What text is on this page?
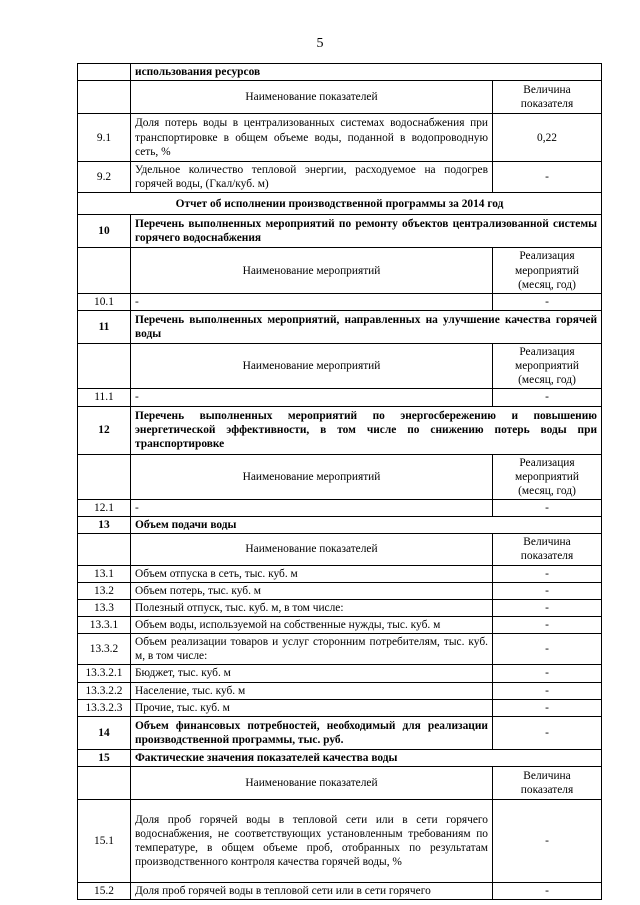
5
	использования ресурсов	
	Наименование показателей	Величина показателя
9.1	Доля потерь воды в централизованных системах водоснабжения при транспортировке в общем объеме воды, поданной в водопроводную сеть, %	0,22
9.2	Удельное количество тепловой энергии, расходуемое на подогрев горячей воды, (Гкал/куб. м)	-
Отчет об исполнении производственной программы за 2014 год		
10	Перечень выполненных мероприятий по ремонту объектов централизованной системы горячего водоснабжения	
	Наименование мероприятий	Реализация мероприятий (месяц, год)
10.1	-	-
11	Перечень выполненных мероприятий, направленных на улучшение качества горячей воды	
	Наименование мероприятий	Реализация мероприятий (месяц, год)
11.1	-	-
12	Перечень выполненных мероприятий по энергосбережению и повышению энергетической эффективности, в том числе по снижению потерь воды при транспортировке	
	Наименование мероприятий	Реализация мероприятий (месяц, год)
12.1	-	-
13	Объем подачи воды	
	Наименование показателей	Величина показателя
13.1	Объем отпуска в сеть, тыс. куб. м	-
13.2	Объем потерь, тыс. куб. м	-
13.3	Полезный отпуск, тыс. куб. м, в том числе:	-
13.3.1	Объем воды, используемой на собственные нужды, тыс. куб. м	-
13.3.2	Объем реализации товаров и услуг сторонним потребителям, тыс. куб. м, в том числе:	-
13.3.2.1	Бюджет, тыс. куб. м	-
13.3.2.2	Население, тыс. куб. м	-
13.3.2.3	Прочие, тыс. куб. м	-
14	Объем финансовых потребностей, необходимый для реализации производственной программы, тыс. руб.	-
15	Фактические значения показателей качества воды	
	Наименование показателей	Величина показателя
15.1	Доля проб горячей воды в тепловой сети или в сети горячего водоснабжения, не соответствующих установленным требованиям по температуре, в общем объеме проб, отобранных по результатам производственного контроля качества горячей воды, %	-
15.2	Доля проб горячей воды в тепловой сети или в сети горячего	-
